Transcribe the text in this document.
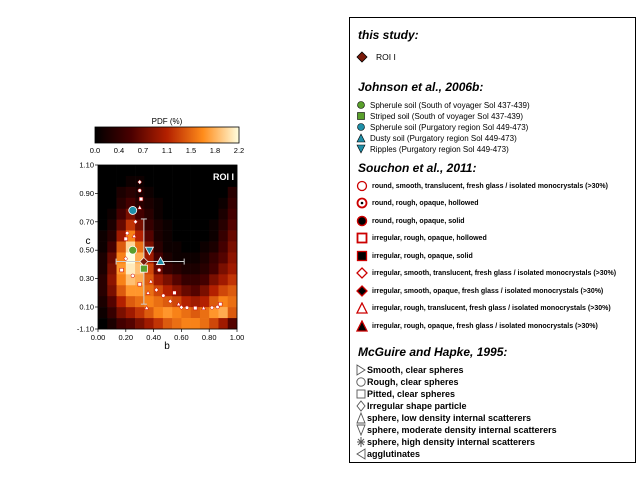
PDF (%)
0.0 0.4 0.7 1.1 1.5 1.8 2.2
c
b
ROI I
0.00 0.20 0.40 0.60 0.80 1.00
1.10
0.90
0.70
0.50
0.30
0.10
-1.10
this study:
ROI I
Johnson et al., 2006b:
Spherule soil (South of voyager Sol 437-439)
Striped soil (South of voyager Sol 437-439)
Spherule soil (Purgatory region Sol 449-473)
Dusty soil (Purgatory region Sol 449-473)
Ripples (Purgatory region Sol 449-473)
Souchon et al., 2011:
round, smooth, translucent, fresh glass / isolated monocrystals (>30%)
round, rough, opaque, hollowed
round, rough, opaque, solid
irregular, rough, opaque, hollowed
irregular, rough, opaque, solid
irregular, smooth, translucent, fresh glass / isolated monocrystals (>30%)
irregular, smooth, opaque, fresh glass / isolated monocrystals (>30%)
irregular, rough, translucent, fresh glass / isolated monocrystals (>30%)
irregular, rough, opaque, fresh glass / isolated monocrystals (>30%)
McGuire and Hapke, 1995:
Smooth, clear spheres
Rough, clear spheres
Pitted, clear spheres
Irregular shape particle
sphere, low density internal scatterers
sphere, moderate density internal scatterers
sphere, high density internal scatterers
agglutinates
